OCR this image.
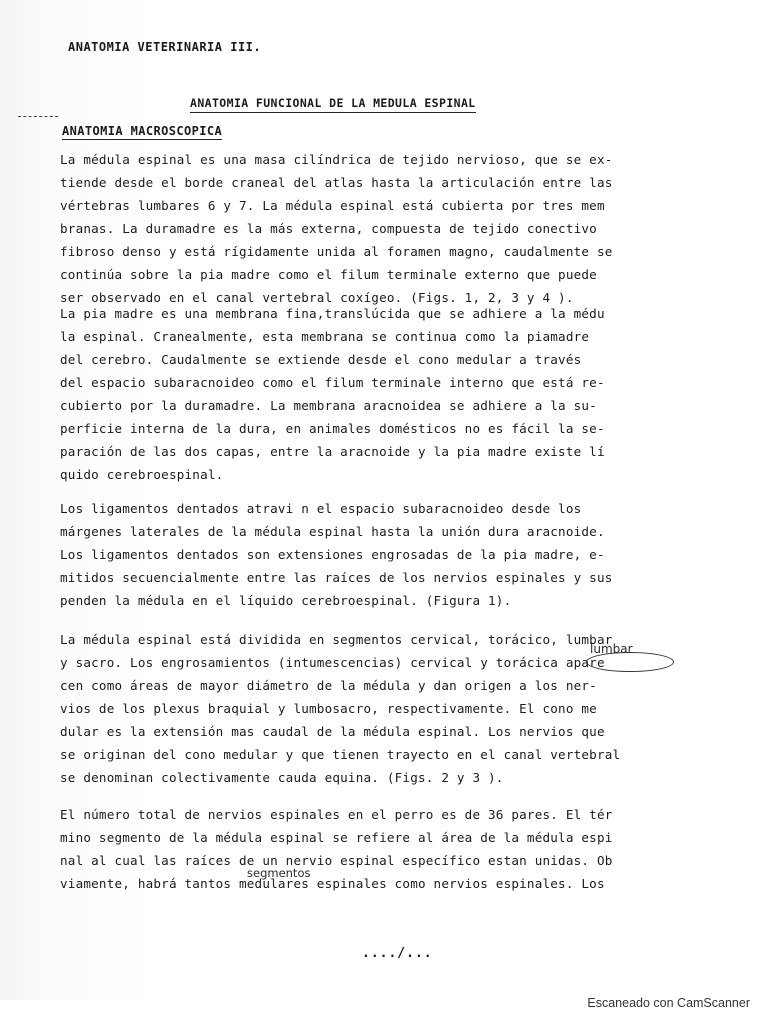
ANATOMIA VETERINARIA III.
ANATOMIA FUNCIONAL DE LA MEDULA ESPINAL
ANATOMIA MACROSCOPICA
La médula espinal es una masa cilíndrica de tejido nervioso, que se ex-
tiende desde el borde craneal del atlas hasta la articulación entre las
vértebras lumbares 6 y 7. La médula espinal está cubierta por tres mem
branas. La duramadre es la más externa, compuesta de tejido conectivo
fibroso denso y está rígidamente unida al foramen magno, caudalmente se
continúa sobre la pia madre como el filum terminale externo que puede
ser observado en el canal vertebral coxígeo. (Figs. 1, 2, 3 y 4 ).
La pia madre es una membrana fina,translúcida que se adhiere a la médu
la espinal. Cranealmente, esta membrana se continua como la piamadre
del cerebro. Caudalmente se extiende desde el cono medular a través
del espacio subaracnoideo como el filum terminale interno que está re-
cubierto por la duramadre. La membrana aracnoidea se adhiere a la su-
perficie interna de la dura, en animales domésticos no es fácil la se-
paración de las dos capas, entre la aracnoide y la pia madre existe lí
quido cerebroespinal.
Los ligamentos dentados atravi n el espacio subaracnoideo desde los
márgenes laterales de la médula espinal hasta la unión dura aracnoide.
Los ligamentos dentados son extensiones engrosadas de la pia madre, e-
mitidos secuencialmente entre las raíces de los nervios espinales y sus
penden la médula en el líquido cerebroespinal. (Figura 1).
La médula espinal está dividida en segmentos cervical, torácico, lumbar
y sacro. Los engrosamientos (intumescencias) cervical y torácica apare
cen como áreas de mayor diámetro de la médula y dan origen a los ner-
vios de los plexus braquial y lumbosacro, respectivamente. El cono me
dular es la extensión mas caudal de la médula espinal. Los nervios que
se originan del cono medular y que tienen trayecto en el canal vertebral
se denominan colectivamente cauda equina. (Figs. 2 y 3 ).
El número total de nervios espinales en el perro es de 36 pares. El tér
mino segmento de la médula espinal se refiere al área de la médula espi
nal al cual las raíces de un nervio espinal específico estan unidas. Ob
viamente, habrá tantos medulares espinales como nervios espinales. Los
lumbar
segmentos
..../...
Escaneado con CamScanner
